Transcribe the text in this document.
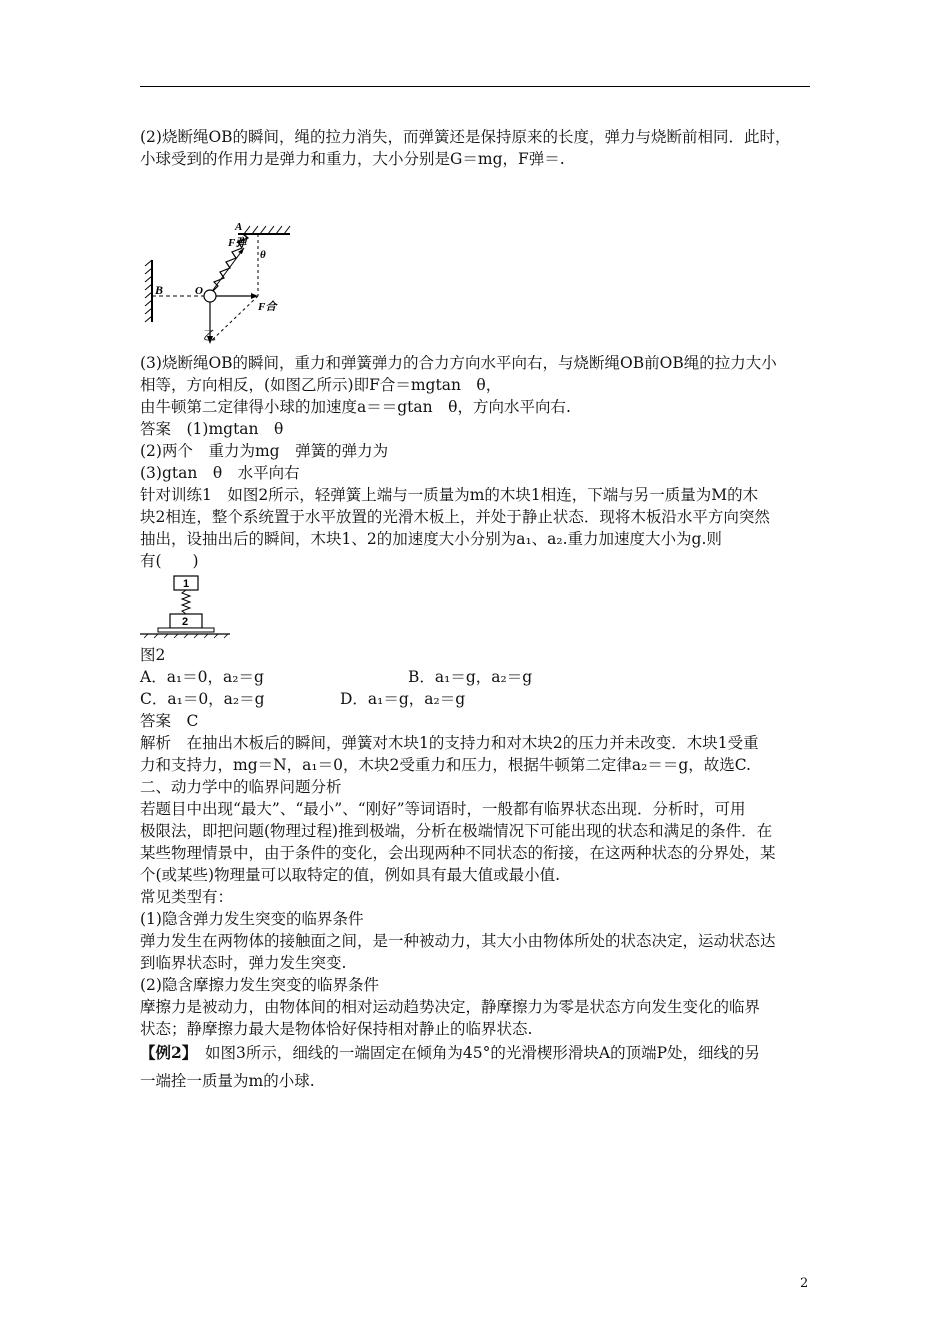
(2)烧断绳OB的瞬间，绳的拉力消失，而弹簧还是保持原来的长度，弹力与烧断前相同．此时，

小球受到的作用力是弹力和重力，大小分别是G＝mg，F弹＝.

B
A
θ
F弹
O
F合
乙

(3)烧断绳OB的瞬间，重力和弹簧弹力的合力方向水平向右，与烧断绳OB前OB绳的拉力大小

相等，方向相反，(如图乙所示)即F合＝mgtan　θ，

由牛顿第二定律得小球的加速度a＝＝gtan　θ，方向水平向右.

答案　(1)mgtan　θ

(2)两个　重力为mg　弹簧的弹力为

(3)gtan　θ　水平向右

针对训练1　如图2所示，轻弹簧上端与一质量为m的木块1相连，下端与另一质量为M的木

块2相连，整个系统置于水平放置的光滑木板上，并处于静止状态．现将木板沿水平方向突然

抽出，设抽出后的瞬间，木块1、2的加速度大小分别为a₁、a₂.重力加速度大小为g.则

有(　　)

1
2

图2

A．a₁＝0，a₂＝g	B．a₁＝g，a₂＝g
C．a₁＝0，a₂＝g	D．a₁＝g，a₂＝g

答案　C

解析　在抽出木板后的瞬间，弹簧对木块1的支持力和对木块2的压力并未改变．木块1受重

力和支持力，mg＝N，a₁＝0，木块2受重力和压力，根据牛顿第二定律a₂＝＝g，故选C.

二、动力学中的临界问题分析

若题目中出现“最大”、“最小”、“刚好”等词语时，一般都有临界状态出现．分析时，可用

极限法，即把问题(物理过程)推到极端，分析在极端情况下可能出现的状态和满足的条件．在

某些物理情景中，由于条件的变化，会出现两种不同状态的衔接，在这两种状态的分界处，某

个(或某些)物理量可以取特定的值，例如具有最大值或最小值.

常见类型有：

(1)隐含弹力发生突变的临界条件

弹力发生在两物体的接触面之间，是一种被动力，其大小由物体所处的状态决定，运动状态达

到临界状态时，弹力发生突变.

(2)隐含摩擦力发生突变的临界条件

摩擦力是被动力，由物体间的相对运动趋势决定，静摩擦力为零是状态方向发生变化的临界

状态；静摩擦力最大是物体恰好保持相对静止的临界状态.

【例2】　如图3所示，细线的一端固定在倾角为45°的光滑楔形滑块A的顶端P处，细线的另

一端拴一质量为m的小球.

2
